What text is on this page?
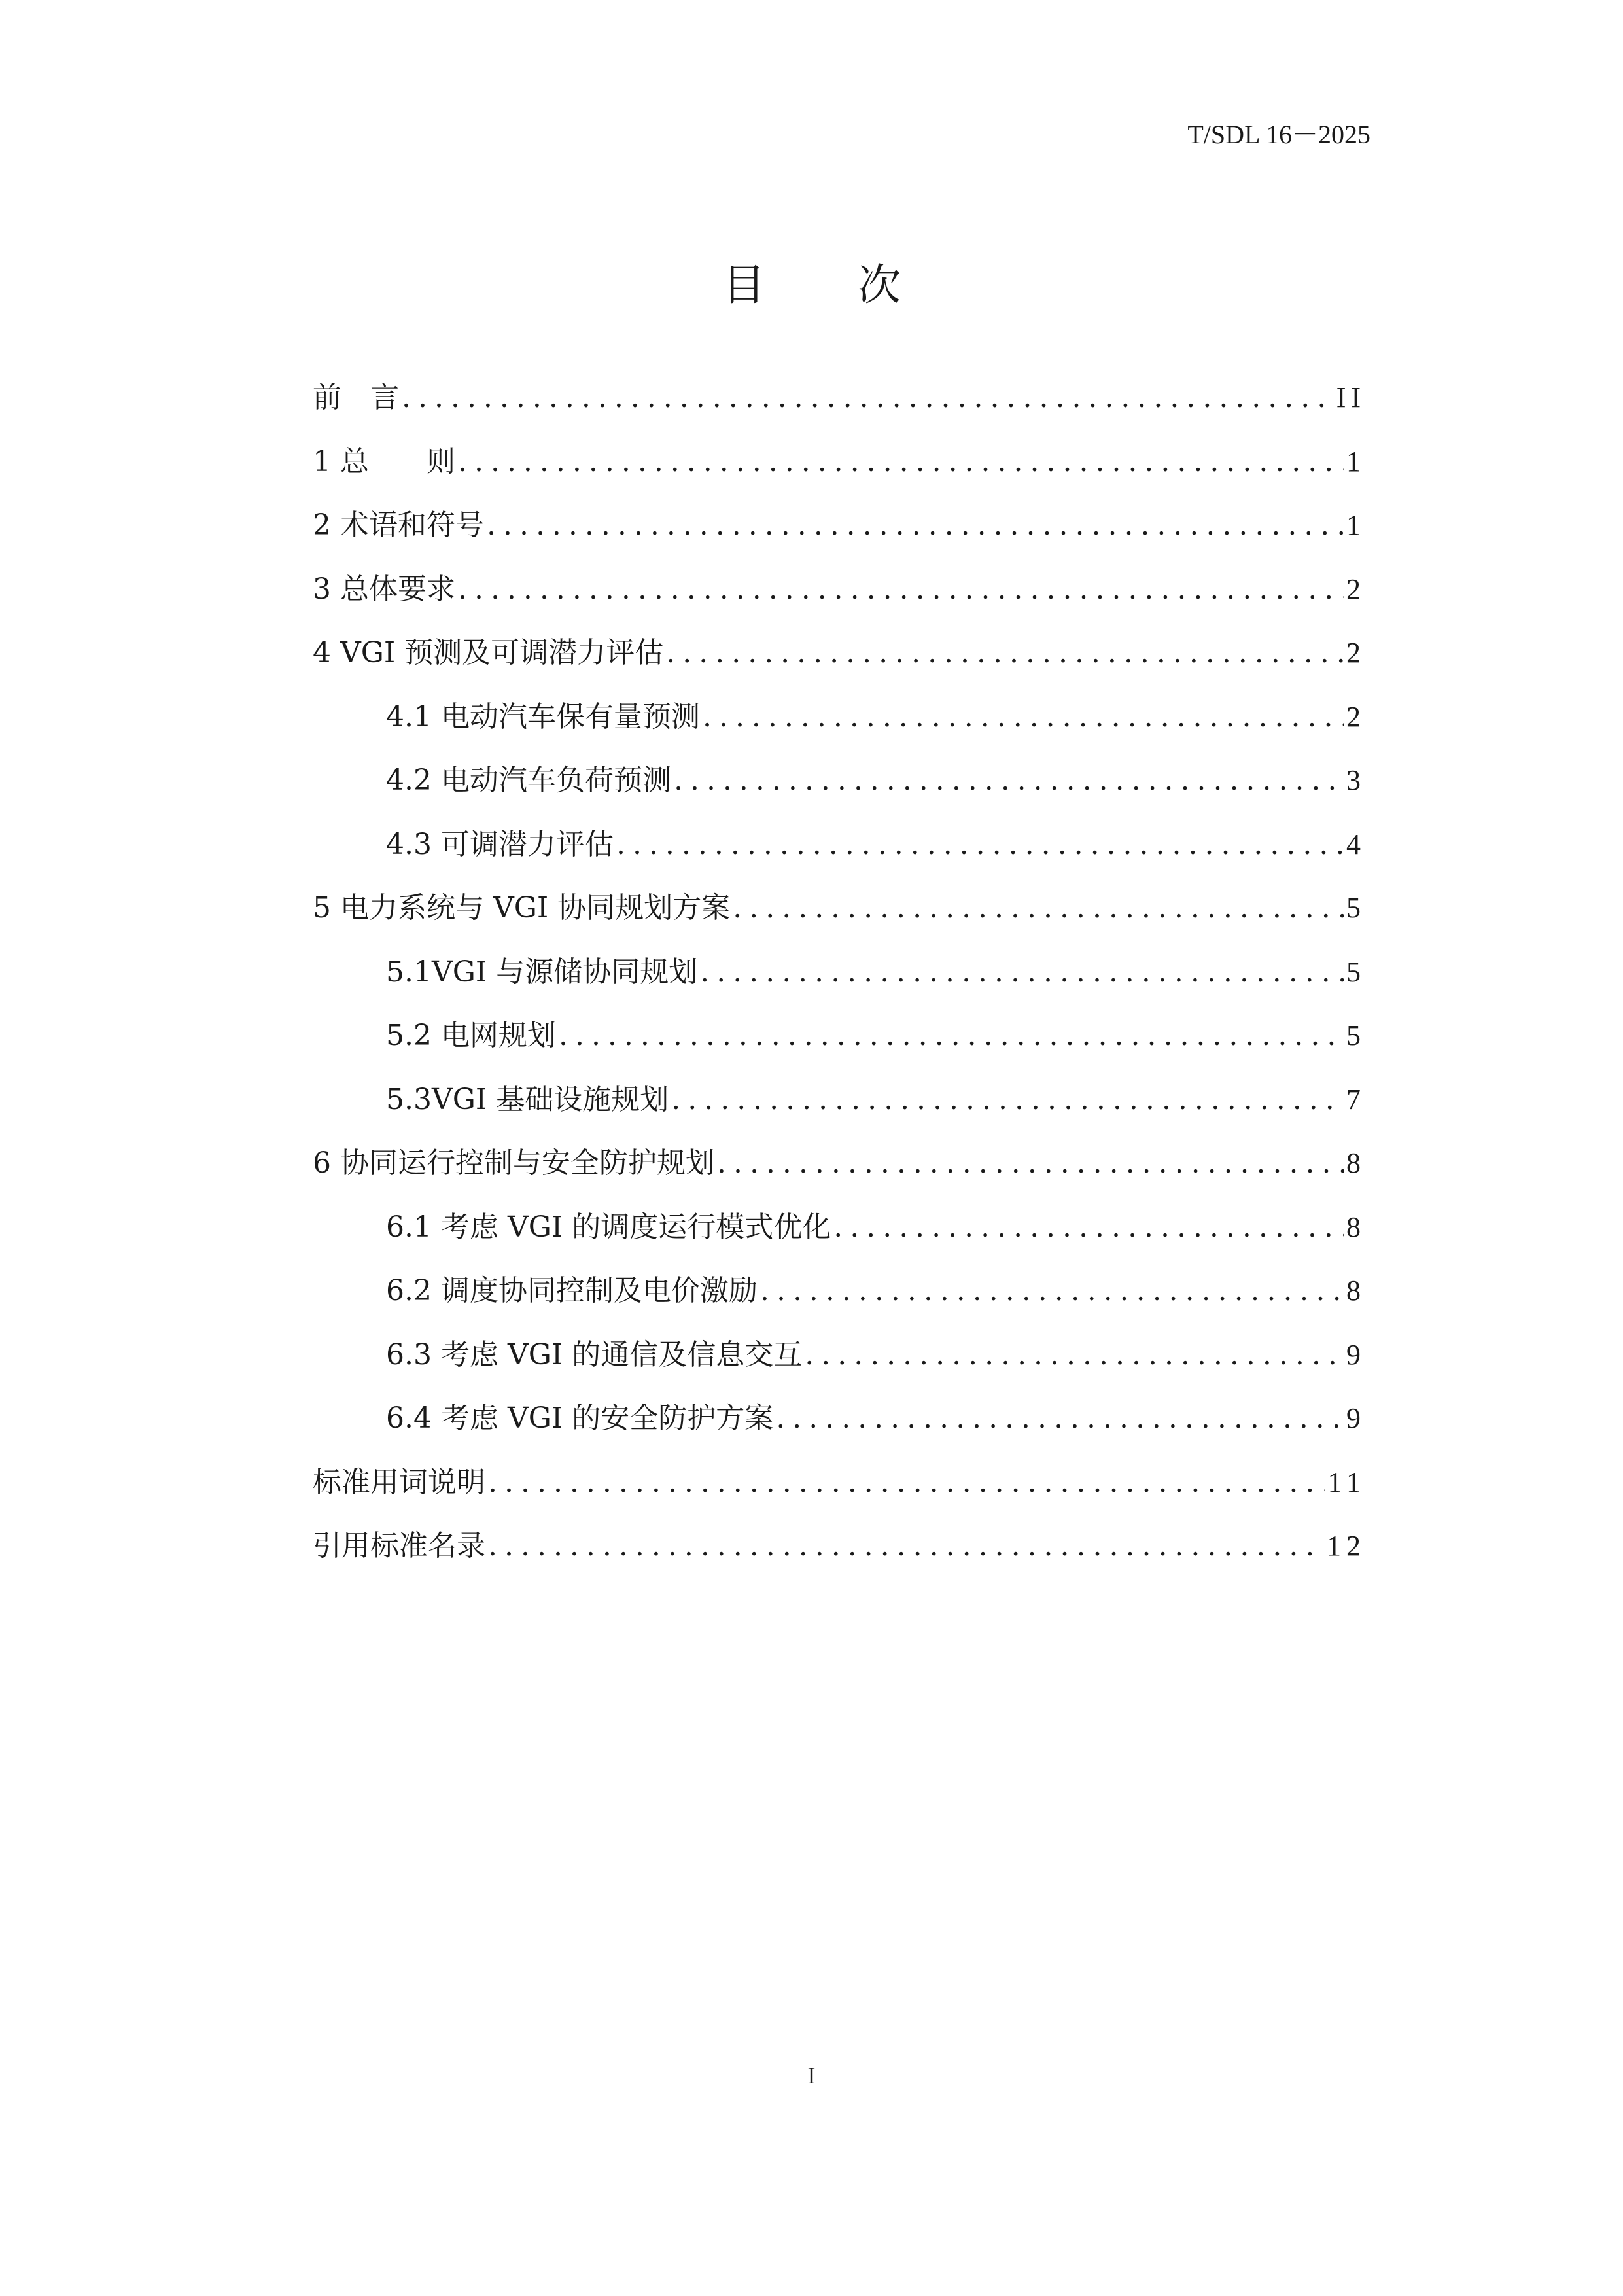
T/SDL 16－2025
目 次
前　言 .....	II
1 总　　则 .....	1
2 术语和符号 .....	1
3 总体要求 .....	2
4 VGI 预测及可调潜力评估 .....	2
4.1 电动汽车保有量预测 .....	2
4.2 电动汽车负荷预测 .....	3
4.3 可调潜力评估 .....	4
5 电力系统与 VGI 协同规划方案 .....	5
5.1VGI 与源储协同规划 .....	5
5.2 电网规划 .....	5
5.3VGI 基础设施规划 .....	7
6 协同运行控制与安全防护规划 .....	8
6.1 考虑 VGI 的调度运行模式优化 .....	8
6.2 调度协同控制及电价激励 .....	8
6.3 考虑 VGI 的通信及信息交互 .....	9
6.4 考虑 VGI 的安全防护方案 .....	9
标准用词说明 .....	11
引用标准名录 .....	12
I
